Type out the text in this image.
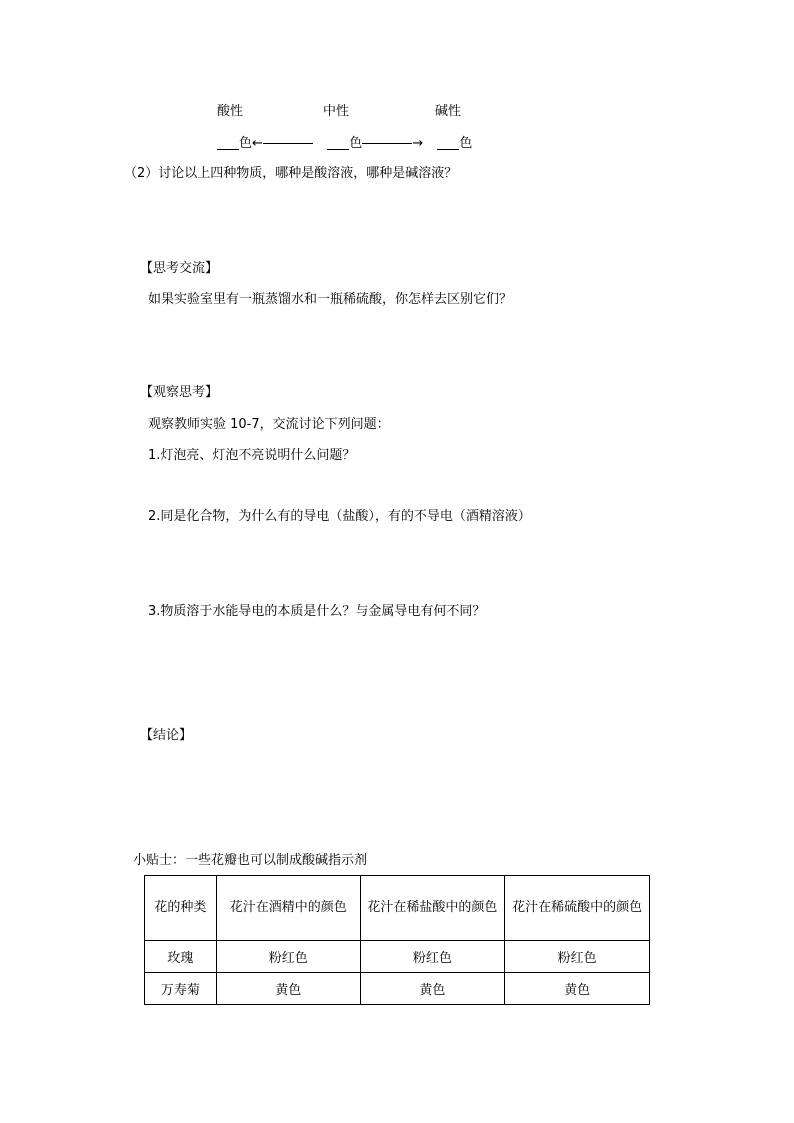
酸性	中性	碱性
色←	色	→	色
（2）讨论以上四种物质，哪种是酸溶液，哪种是碱溶液？
【思考交流】
如果实验室里有一瓶蒸馏水和一瓶稀硫酸，你怎样去区别它们？
【观察思考】
观察教师实验 10-7，交流讨论下列问题：
1.灯泡亮、灯泡不亮说明什么问题？
2.同是化合物，为什么有的导电（盐酸），有的不导电（酒精溶液）
3.物质溶于水能导电的本质是什么？与金属导电有何不同？
【结论】
小贴士：一些花瓣也可以制成酸碱指示剂
花的种类	花汁在酒精中的颜色	花汁在稀盐酸中的颜色	花汁在稀硫酸中的颜色
玫瑰	粉红色	粉红色	粉红色
万寿菊	黄色	黄色	黄色
